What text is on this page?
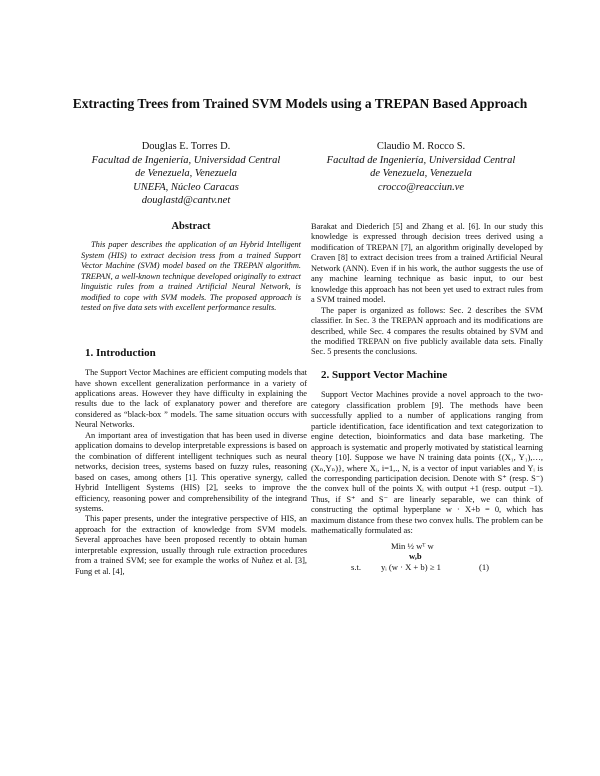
Extracting Trees from Trained SVM Models using a TREPAN Based Approach
Douglas E. Torres D.
Facultad de Ingeniería, Universidad Central
de Venezuela, Venezuela
UNEFA, Núcleo Caracas
douglastd@cantv.net
Claudio M. Rocco S.
Facultad de Ingeniería, Universidad Central
de Venezuela, Venezuela
crocco@reacciun.ve
Abstract

This paper describes the application of an Hybrid Intelligent System (HIS) to extract decision tress from a trained Support Vector Machine (SVM) model based on the TREPAN algorithm. TREPAN, a well-known technique developed originally to extract linguistic rules from a trained Artificial Neural Network, is modified to cope with SVM models. The proposed approach is tested on five data sets with excellent performance results.

1. Introduction

The Support Vector Machines are efficient computing models that have shown excellent generalization performance in a variety of applications areas. However they have difficulty in explaining the results due to the lack of explanatory power and therefore are considered as “black-box ” models. The same situation occurs with Neural Networks.

An important area of investigation that has been used in diverse application domains to develop interpretable expressions is based on the combination of different intelligent techniques such as neural networks, decision trees, systems based on fuzzy rules, reasoning based on cases, among others [1]. This operative synergy, called Hybrid Intelligent Systems (HIS) [2], seeks to improve the efficiency, reasoning power and comprehensibility of the integrand systems.

This paper presents, under the integrative perspective of HIS, an approach for the extraction of knowledge from SVM models. Several approaches have been proposed recently to obtain human interpretable expression, usually through rule extraction procedures from a trained SVM; see for example the works of Nuñez et al. [3], Fung et al. [4],

Barakat and Diederich [5] and Zhang et al. [6]. In our study this knowledge is expressed through decision trees derived using a modification of TREPAN [7], an algorithm originally developed by Craven [8] to extract decision trees from a trained Artificial Neural Network (ANN). Even if in his work, the author suggests the use of any machine learning technique as basic input, to our best knowledge this approach has not been yet used to extract rules from a SVM trained model.

The paper is organized as follows: Sec. 2 describes the SVM classifier. In Sec. 3 the TREPAN approach and its modifications are described, while Sec. 4 compares the results obtained by SVM and the modified TREPAN on five publicly available data sets. Finally Sec. 5 presents the conclusions.

2. Support Vector Machine

Support Vector Machines provide a novel approach to the two-category classification problem [9]. The methods have been successfully applied to a number of applications ranging from particle identification, face identification and text categorization to engine detection, bioinformatics and data base marketing. The approach is systematic and properly motivated by statistical learning theory [10]. Suppose we have N training data points {(X₁, Y₁),…, (Xₙ,Yₙ)}, where Xᵢ, i=1,., N, is a vector of input variables and Yᵢ is the corresponding participation decision. Denote with S⁺ (resp. S⁻) the convex hull of the points Xᵢ with output +1 (resp. output −1). Thus, if S⁺ and S⁻ are linearly separable, we can think of constructing the optimal hyperplane w · X+b = 0, which has maximum distance from these two convex hulls. The problem can be mathematically formulated as:

Min ½ wᵀ w
w,b
s.t. yᵢ (w · X + b) ≥ 1	(1)
